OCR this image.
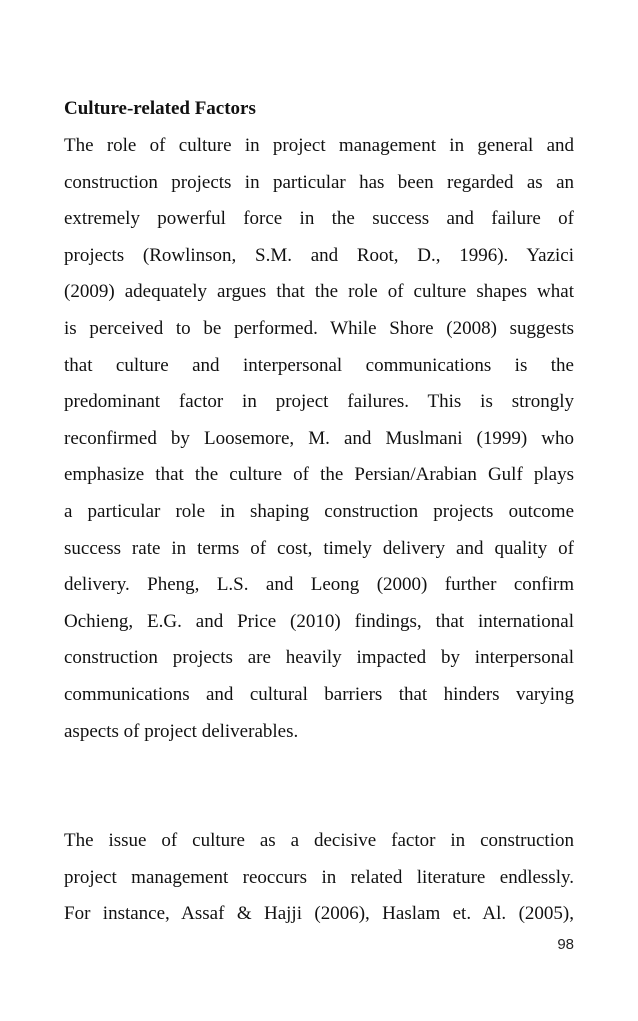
Culture-related Factors
The role of culture in project management in general and
construction projects in particular has been regarded as an
extremely powerful force in the success and failure of
projects (Rowlinson, S.M. and Root, D., 1996). Yazici
(2009) adequately argues that the role of culture shapes what
is perceived to be performed. While Shore (2008) suggests
that culture and interpersonal communications is the
predominant factor in project failures. This is strongly
reconfirmed by Loosemore, M. and Muslmani (1999) who
emphasize that the culture of the Persian/Arabian Gulf plays
a particular role in shaping construction projects outcome
success rate in terms of cost, timely delivery and quality of
delivery. Pheng, L.S. and Leong (2000) further confirm
Ochieng, E.G. and Price (2010) findings, that international
construction projects are heavily impacted by interpersonal
communications and cultural barriers that hinders varying
aspects of project deliverables.
The issue of culture as a decisive factor in construction
project management reoccurs in related literature endlessly.
For instance, Assaf & Hajji (2006), Haslam et. Al. (2005),
98
